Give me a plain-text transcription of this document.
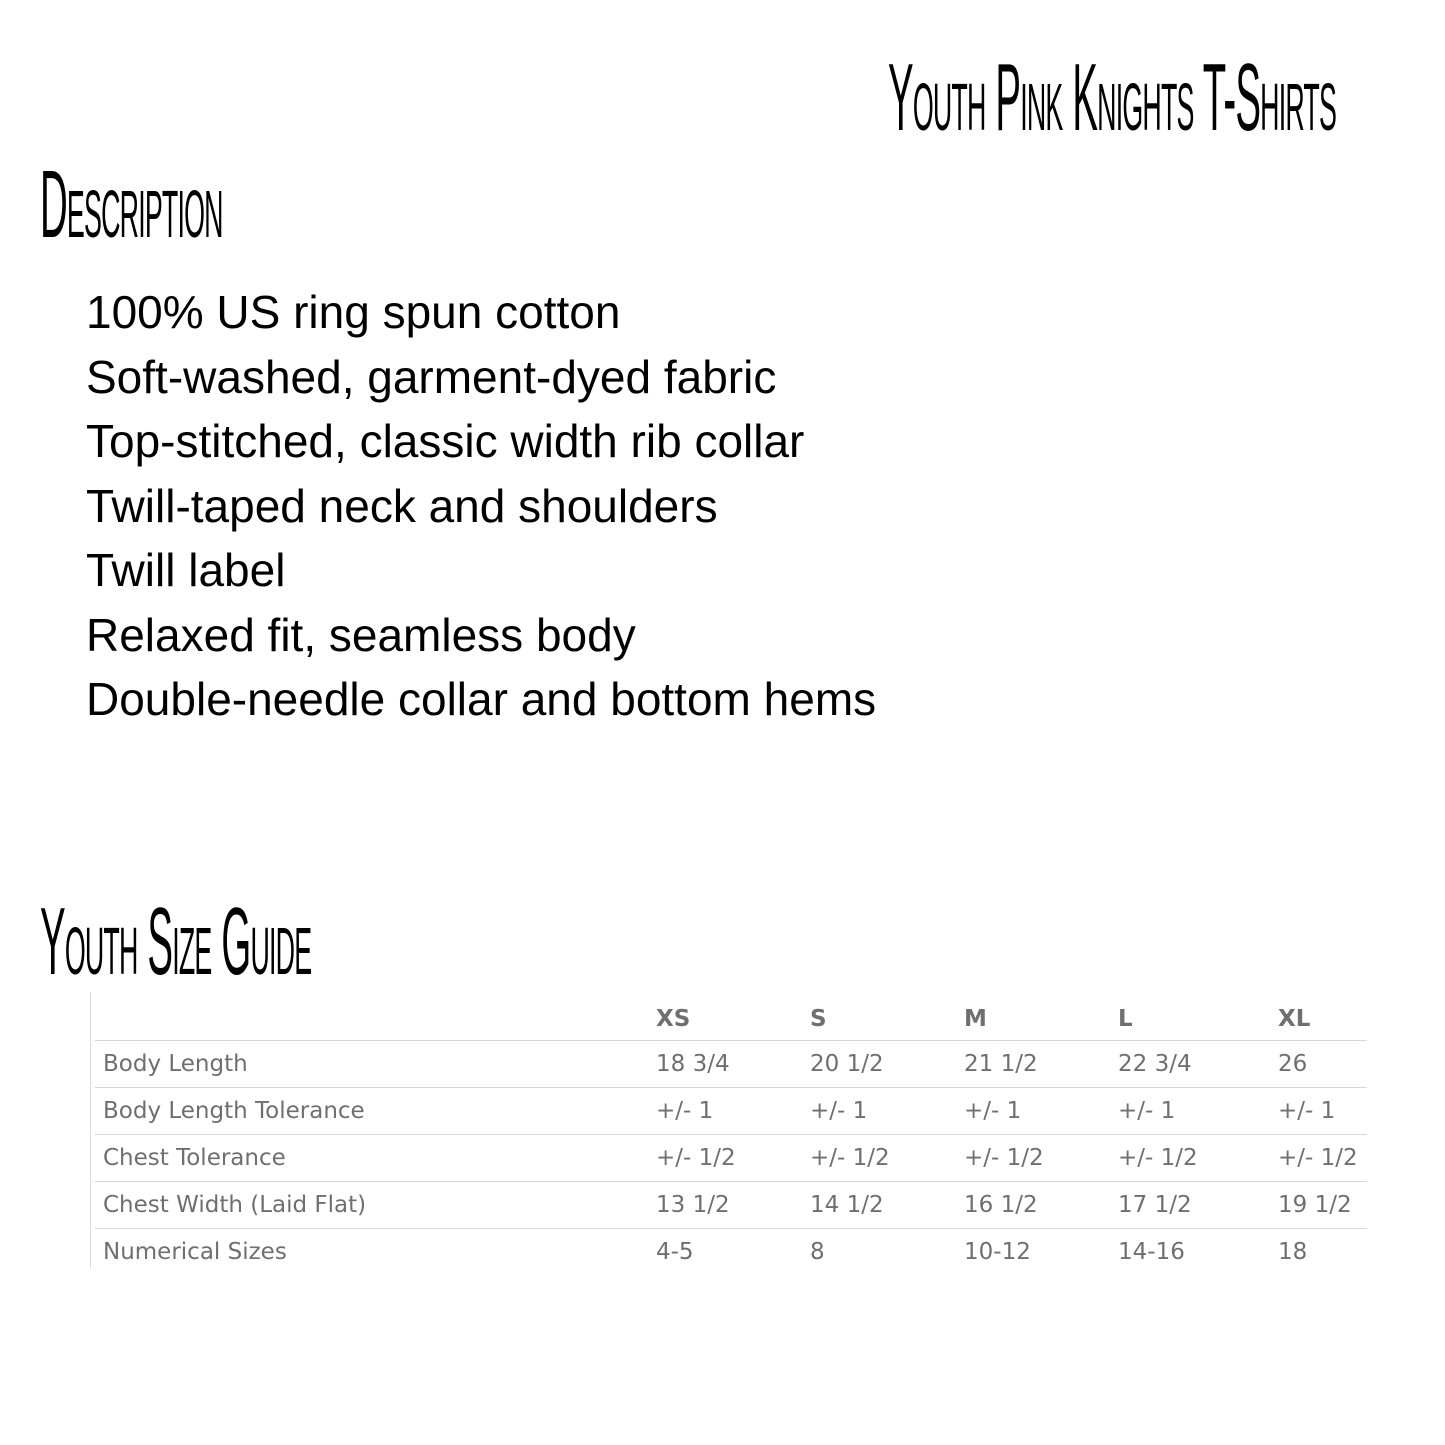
Youth Pink Knights T-Shirts
Description
100% US ring spun cotton
Soft-washed, garment-dyed fabric
Top-stitched, classic width rib collar
Twill-taped neck and shoulders
Twill label
Relaxed fit, seamless body
Double-needle collar and bottom hems
Youth Size Guide
	XS	S	M	L	XL
Body Length	18 3/4	20 1/2	21 1/2	22 3/4	26
Body Length Tolerance	+/- 1	+/- 1	+/- 1	+/- 1	+/- 1
Chest Tolerance	+/- 1/2	+/- 1/2	+/- 1/2	+/- 1/2	+/- 1/2
Chest Width (Laid Flat)	13 1/2	14 1/2	16 1/2	17 1/2	19 1/2
Numerical Sizes	4-5	8	10-12	14-16	18
